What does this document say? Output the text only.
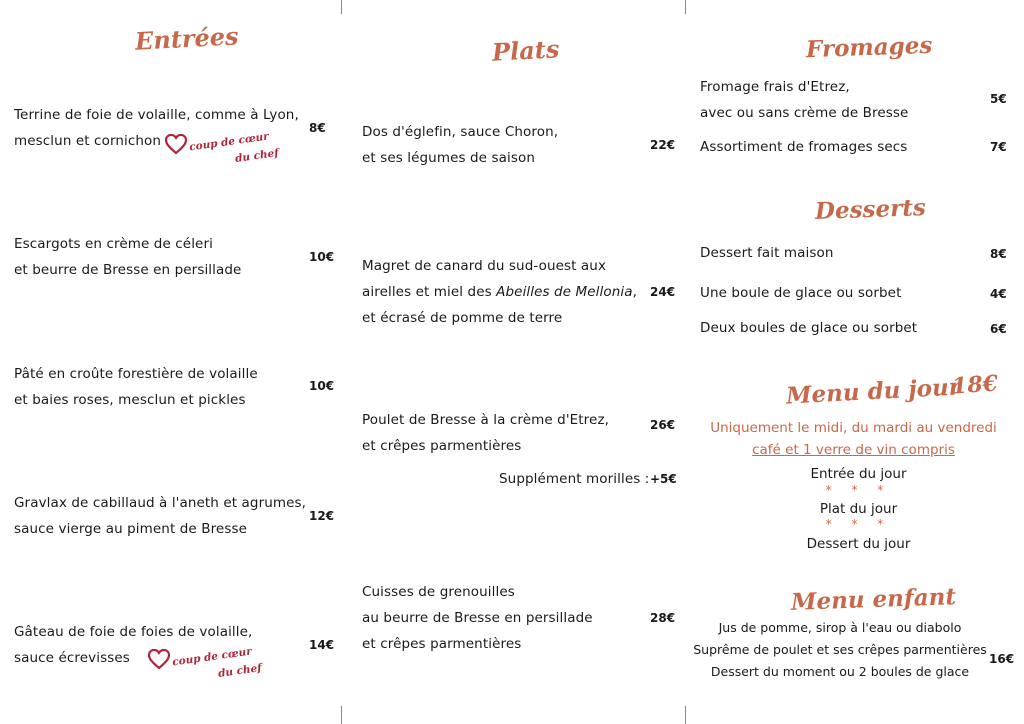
Entrées
Terrine de foie de volaille, comme à Lyon,
mesclun et cornichon
8€
coup de cœur
du chef
Escargots en crème de céleri
et beurre de Bresse en persillade
10€
Pâté en croûte forestière de volaille
et baies roses, mesclun et pickles
10€
Gravlax de cabillaud à l'aneth et agrumes,
sauce vierge au piment de Bresse
12€
Gâteau de foie de foies de volaille,
sauce écrevisses
14€
coup de cœur
du chef
Plats
Dos d'églefin, sauce Choron,
et ses légumes de saison
22€
Magret de canard du sud-ouest aux
airelles et miel des Abeilles de Mellonia,
et écrasé de pomme de terre
24€
Poulet de Bresse à la crème d'Etrez,
et crêpes parmentières
26€
Supplément morilles : +5€
Cuisses de grenouilles
au beurre de Bresse en persillade
et crêpes parmentières
28€
Fromages
Fromage frais d'Etrez,
avec ou sans crème de Bresse
5€
Assortiment de fromages secs	7€
Desserts
Dessert fait maison	8€
Une boule de glace ou sorbet	4€
Deux boules de glace ou sorbet	6€
Menu du jour
18€
Uniquement le midi, du mardi au vendredi
café et 1 verre de vin compris
Entrée du jour
* * *
Plat du jour
* * *
Dessert du jour
Menu enfant
Jus de pomme, sirop à l'eau ou diabolo
Suprême de poulet et ses crêpes parmentières
Dessert du moment ou 2 boules de glace
16€
